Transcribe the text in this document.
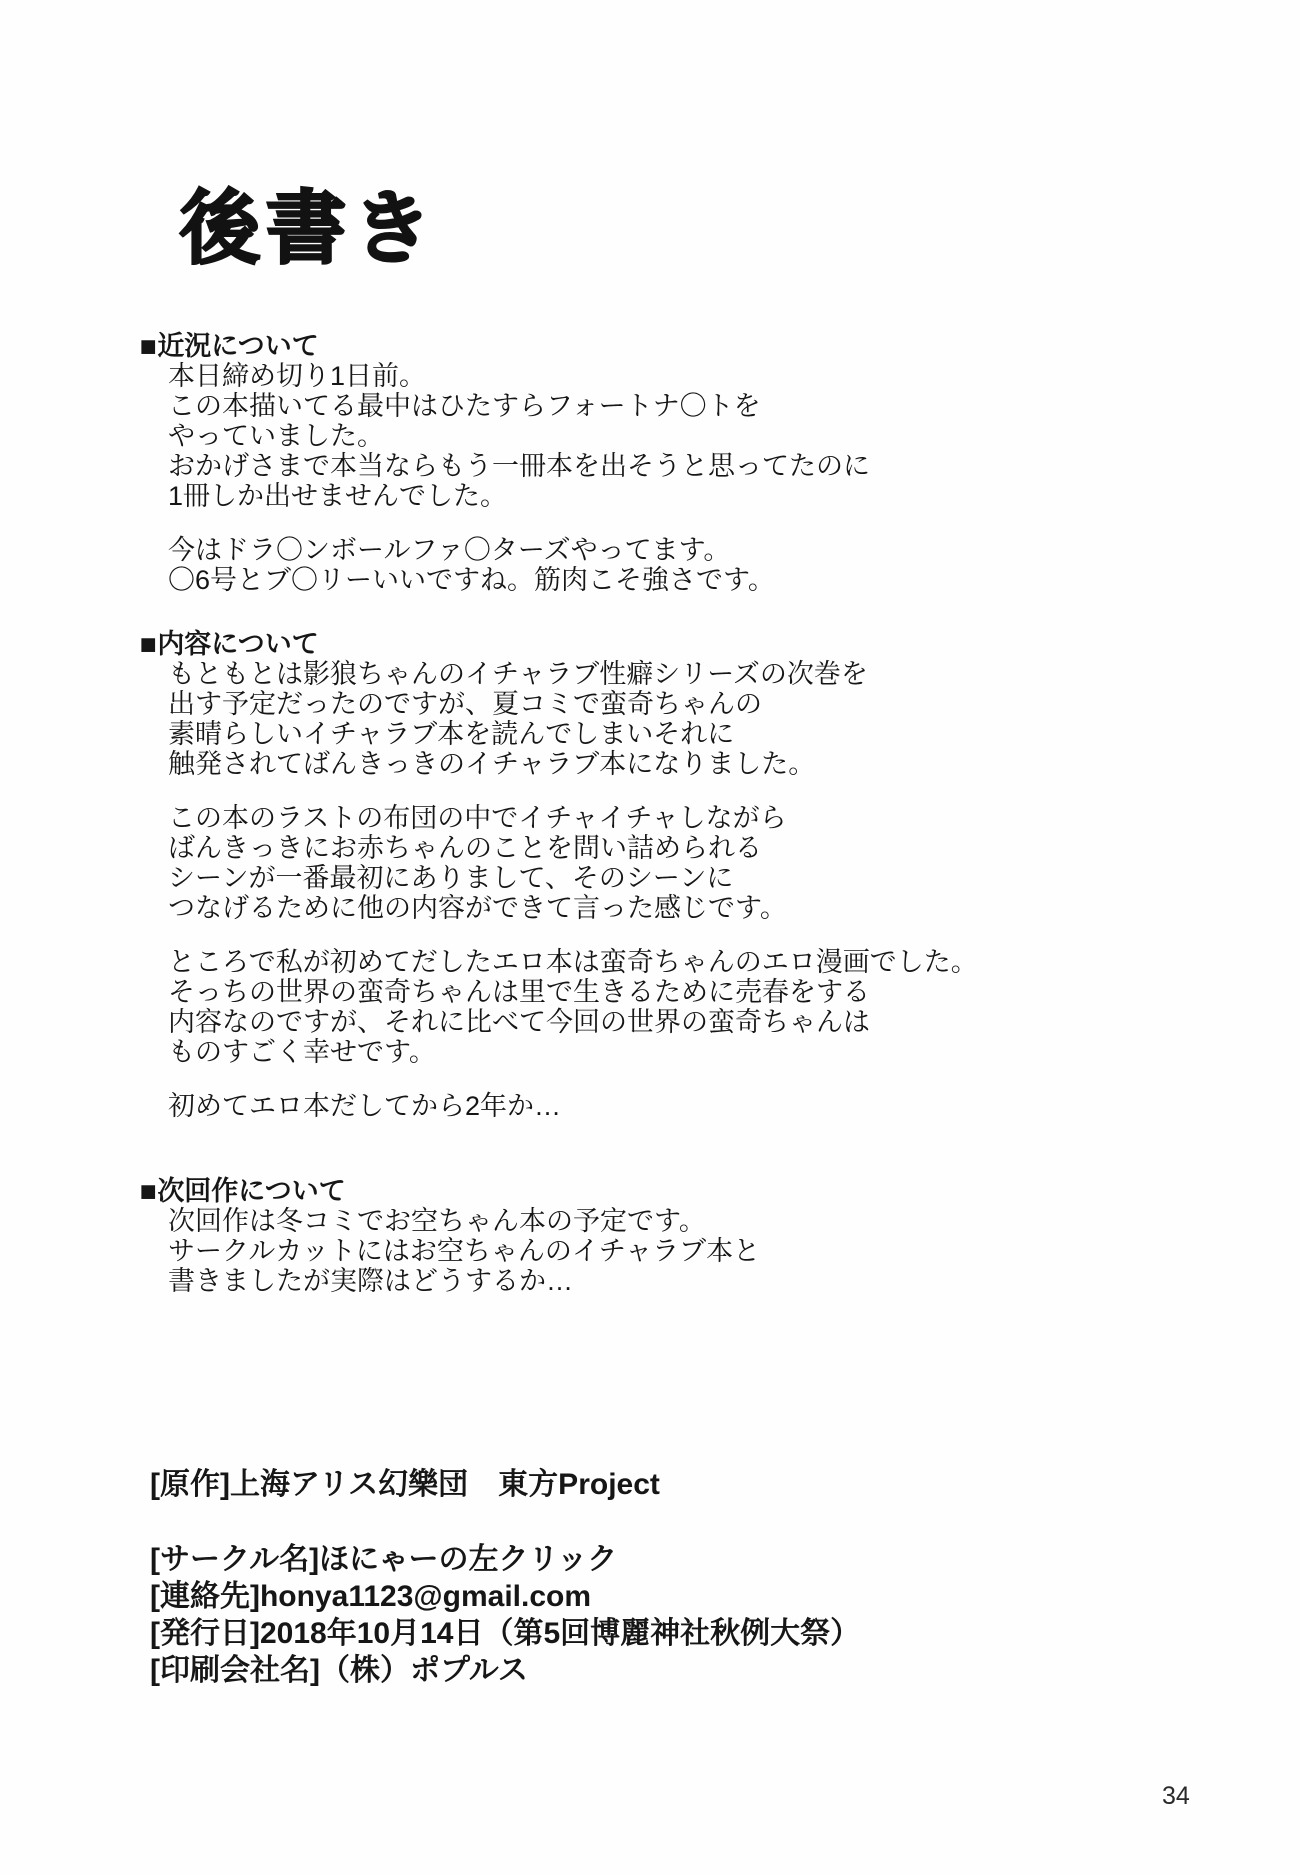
後書き
■近況について
本日締め切り1日前。
この本描いてる最中はひたすらフォートナ〇トを
やっていました。
おかげさまで本当ならもう一冊本を出そうと思ってたのに
1冊しか出せませんでした。
今はドラ〇ンボールファ〇ターズやってます。
〇6号とブ〇リーいいですね。筋肉こそ強さです。
■内容について
もともとは影狼ちゃんのイチャラブ性癖シリーズの次巻を
出す予定だったのですが、夏コミで蛮奇ちゃんの
素晴らしいイチャラブ本を読んでしまいそれに
触発されてばんきっきのイチャラブ本になりました。
この本のラストの布団の中でイチャイチャしながら
ばんきっきにお赤ちゃんのことを問い詰められる
シーンが一番最初にありまして、そのシーンに
つなげるために他の内容ができて言った感じです。
ところで私が初めてだしたエロ本は蛮奇ちゃんのエロ漫画でした。
そっちの世界の蛮奇ちゃんは里で生きるために売春をする
内容なのですが、それに比べて今回の世界の蛮奇ちゃんは
ものすごく幸せです。
初めてエロ本だしてから2年か…
■次回作について
次回作は冬コミでお空ちゃん本の予定です。
サークルカットにはお空ちゃんのイチャラブ本と
書きましたが実際はどうするか…
[原作]上海アリス幻樂団　東方Project
[サークル名]ほにゃーの左クリック
[連絡先]honya1123@gmail.com
[発行日]2018年10月14日（第5回博麗神社秋例大祭）
[印刷会社名]（株）ポプルス
34
